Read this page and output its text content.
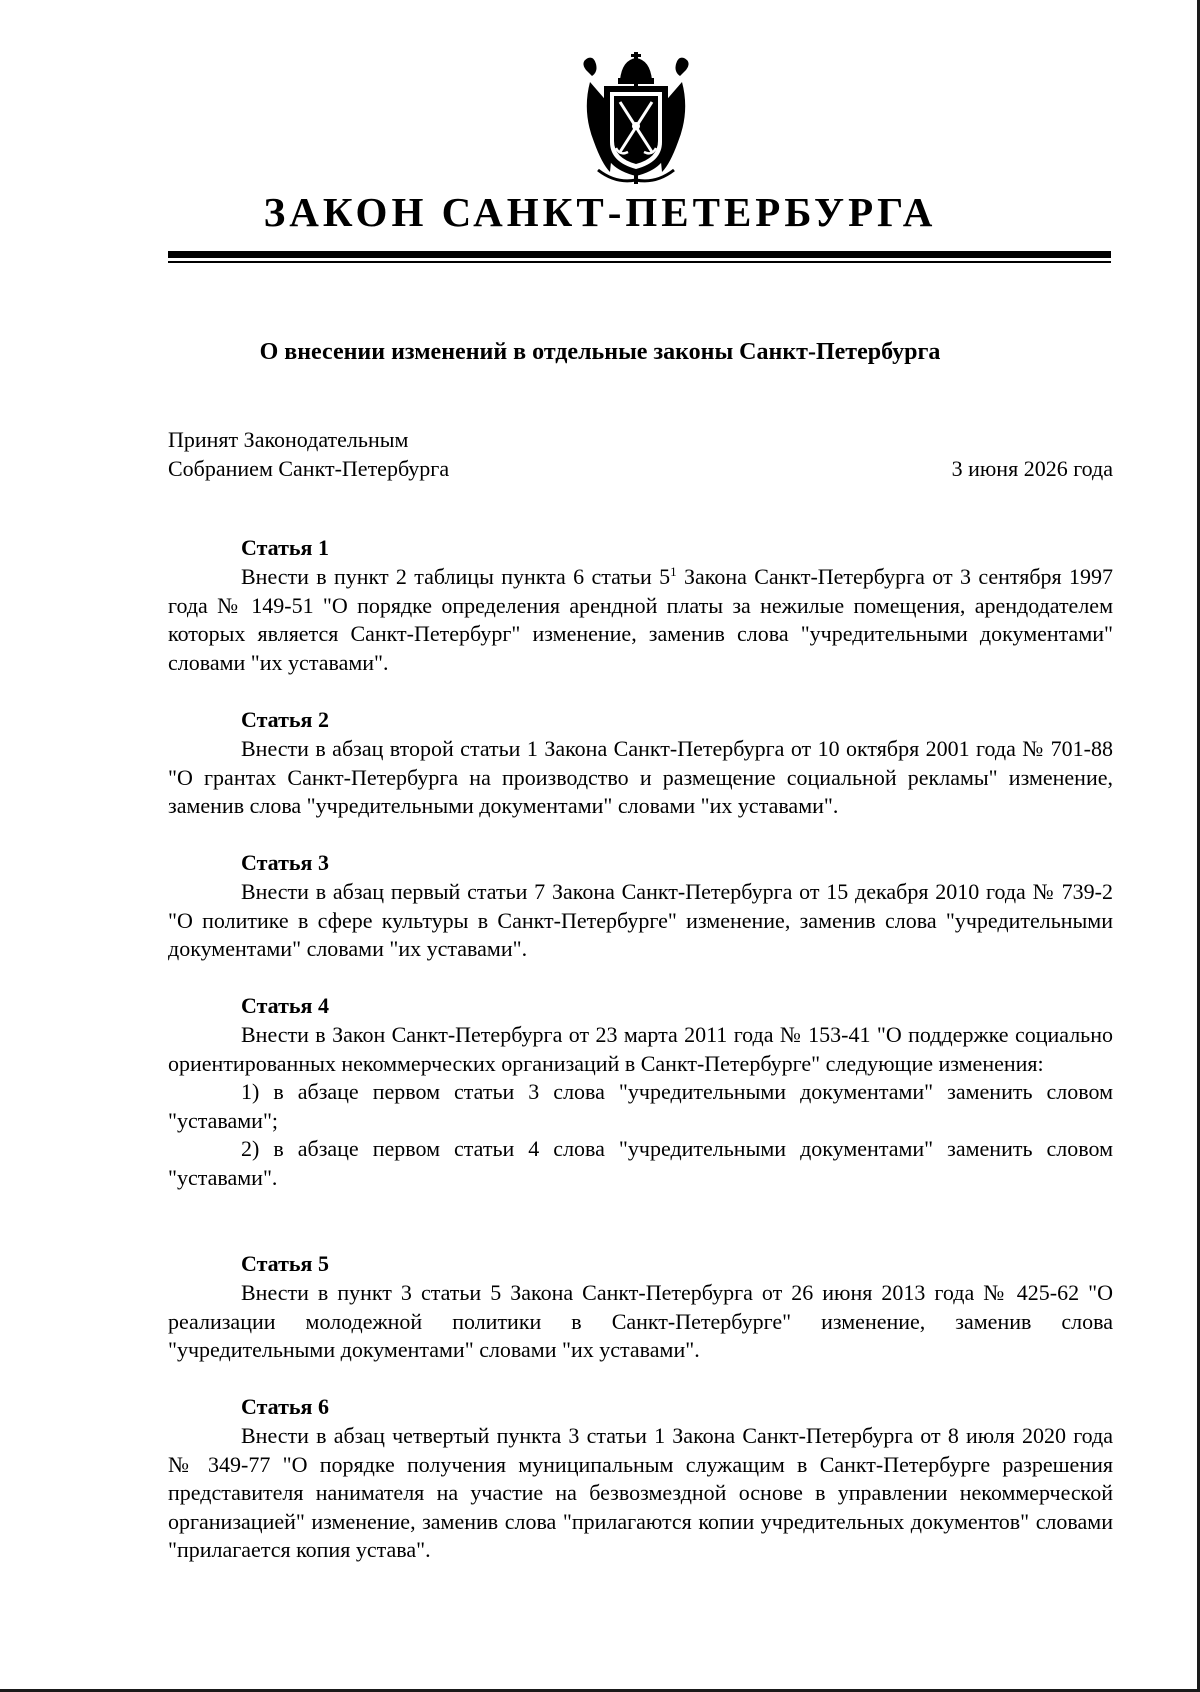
ЗАКОН САНКТ-ПЕТЕРБУРГА
О внесении изменений в отдельные законы Санкт-Петербурга
Принят Законодательным
Собранием Санкт-Петербурга	3 июня 2026 года
Статья 1

Внести в пункт 2 таблицы пункта 6 статьи $5^1$ Закона Санкт-Петербурга от 3 сентября 1997 года № 149-51 "О порядке определения арендной платы за нежилые помещения, арендодателем которых является Санкт-Петербург" изменение, заменив слова "учредительными документами" словами "их уставами".

Статья 2

Внести в абзац второй статьи 1 Закона Санкт-Петербурга от 10 октября 2001 года № 701-88 "О грантах Санкт-Петербурга на производство и размещение социальной рекламы" изменение, заменив слова "учредительными документами" словами "их уставами".

Статья 3

Внести в абзац первый статьи 7 Закона Санкт-Петербурга от 15 декабря 2010 года № 739-2 "О политике в сфере культуры в Санкт-Петербурге" изменение, заменив слова "учредительными документами" словами "их уставами".

Статья 4

Внести в Закон Санкт-Петербурга от 23 марта 2011 года № 153-41 "О поддержке социально ориентированных некоммерческих организаций в Санкт-Петербурге" следующие изменения:

1) в абзаце первом статьи 3 слова "учредительными документами" заменить словом "уставами";

2) в абзаце первом статьи 4 слова "учредительными документами" заменить словом "уставами".

Статья 5

Внести в пункт 3 статьи 5 Закона Санкт-Петербурга от 26 июня 2013 года № 425-62 "О реализации молодежной политики в Санкт-Петербурге" изменение, заменив слова "учредительными документами" словами "их уставами".

Статья 6

Внести в абзац четвертый пункта 3 статьи 1 Закона Санкт-Петербурга от 8 июля 2020 года № 349-77 "О порядке получения муниципальным служащим в Санкт-Петербурге разрешения представителя нанимателя на участие на безвозмездной основе в управлении некоммерческой организацией" изменение, заменив слова "прилагаются копии учредительных документов" словами "прилагается копия устава".
